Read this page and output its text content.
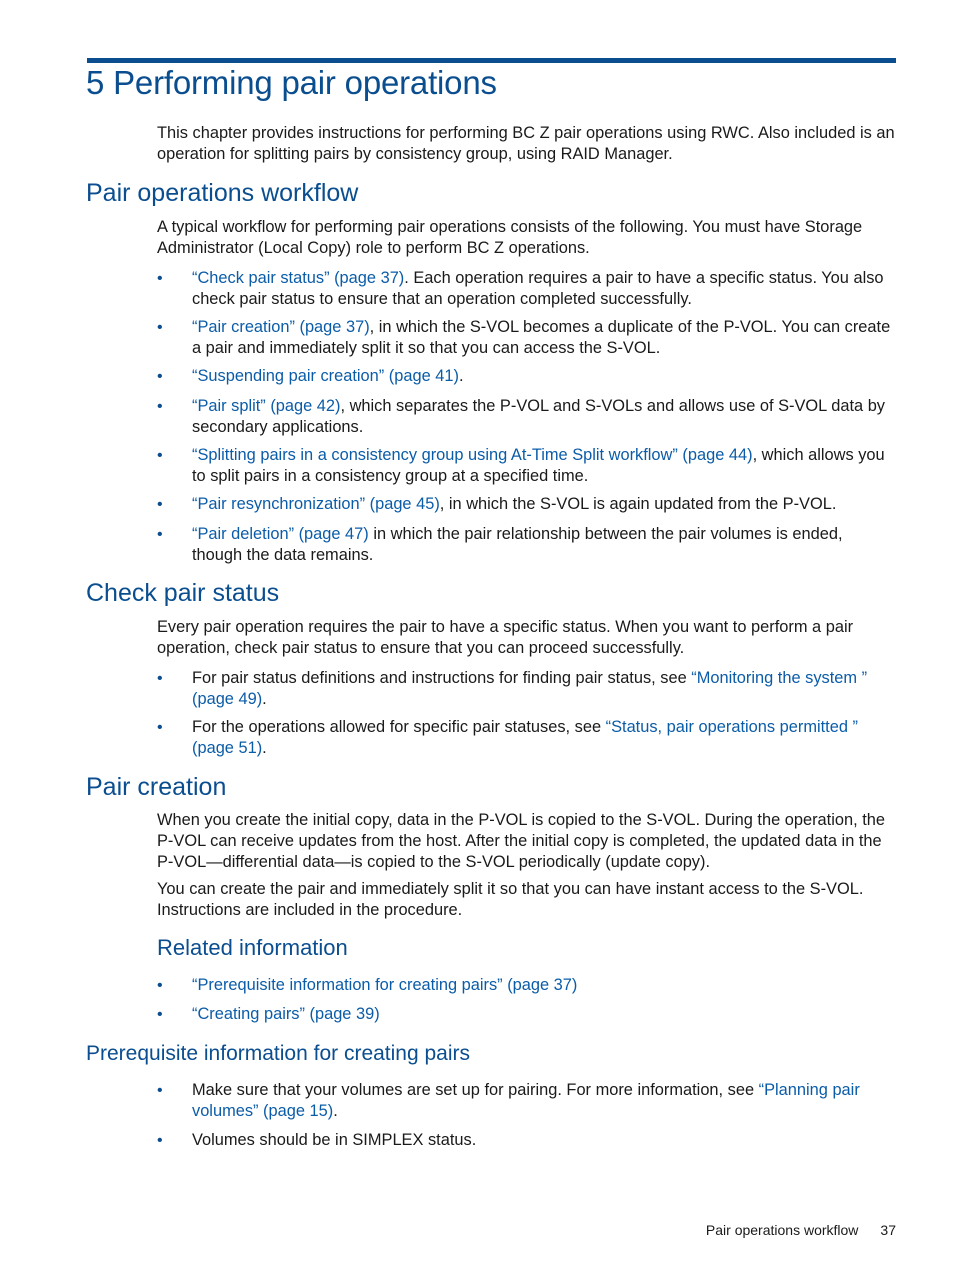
5 Performing pair operations

This chapter provides instructions for performing BC Z pair operations using RWC. Also included is an operation for splitting pairs by consistency group, using RAID Manager.

Pair operations workflow

A typical workflow for performing pair operations consists of the following. You must have Storage Administrator (Local Copy) role to perform BC Z operations.

• “Check pair status” (page 37). Each operation requires a pair to have a specific status. You also check pair status to ensure that an operation completed successfully.
• “Pair creation” (page 37), in which the S-VOL becomes a duplicate of the P-VOL. You can create a pair and immediately split it so that you can access the S-VOL.
• “Suspending pair creation” (page 41).
• “Pair split” (page 42), which separates the P-VOL and S-VOLs and allows use of S-VOL data by secondary applications.
• “Splitting pairs in a consistency group using At-Time Split workflow” (page 44), which allows you to split pairs in a consistency group at a specified time.
• “Pair resynchronization” (page 45), in which the S-VOL is again updated from the P-VOL.
• “Pair deletion” (page 47) in which the pair relationship between the pair volumes is ended, though the data remains.
Check pair status

Every pair operation requires the pair to have a specific status. When you want to perform a pair operation, check pair status to ensure that you can proceed successfully.

• For pair status definitions and instructions for finding pair status, see “Monitoring the system ” (page 49).
• For the operations allowed for specific pair statuses, see “Status, pair operations permitted ” (page 51).
Pair creation

When you create the initial copy, data in the P-VOL is copied to the S-VOL. During the operation, the P-VOL can receive updates from the host. After the initial copy is completed, the updated data in the P-VOL—differential data—is copied to the S-VOL periodically (update copy).

You can create the pair and immediately split it so that you can have instant access to the S-VOL. Instructions are included in the procedure.

Related information
• “Prerequisite information for creating pairs” (page 37)
• “Creating pairs” (page 39)
Prerequisite information for creating pairs
• Make sure that your volumes are set up for pairing. For more information, see “Planning pair volumes” (page 15).
• Volumes should be in SIMPLEX status.
Pair operations workflow 37
